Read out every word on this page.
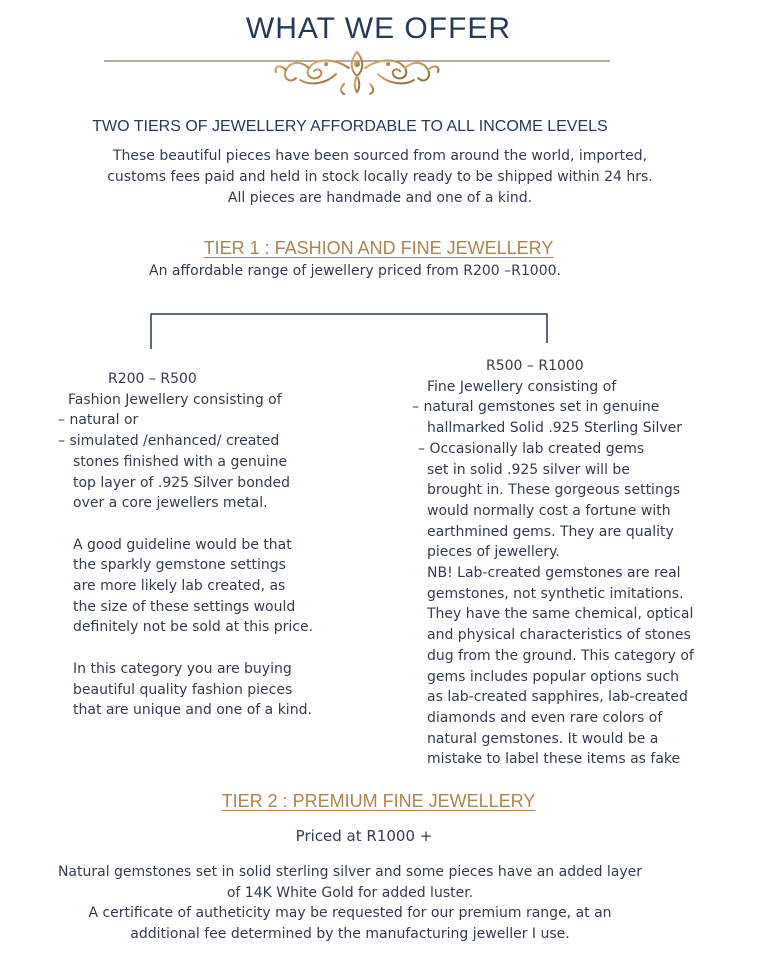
WHAT WE OFFER
TWO TIERS OF JEWELLERY AFFORDABLE TO ALL INCOME LEVELS
These beautiful pieces have been sourced from around the world, imported,
customs fees paid and held in stock locally ready to be shipped within 24 hrs.
All pieces are handmade and one of a kind.
TIER 1 : FASHION AND FINE JEWELLERY
An affordable range of jewellery priced from R200 –R1000.
R200 – R500
Fashion Jewellery consisting of
– natural or
– simulated /enhanced/ created
stones finished with a genuine
top layer of .925 Silver bonded
over a core jewellers metal.
A good guideline would be that
the sparkly gemstone settings
are more likely lab created, as
the size of these settings would
definitely not be sold at this price.
In this category you are buying
beautiful quality fashion pieces
that are unique and one of a kind.
R500 – R1000
Fine Jewellery consisting of
– natural gemstones set in genuine
hallmarked Solid .925 Sterling Silver
– Occasionally lab created gems
set in solid .925 silver will be
brought in. These gorgeous settings
would normally cost a fortune with
earthmined gems. They are quality
pieces of jewellery.
NB! Lab-created gemstones are real
gemstones, not synthetic imitations.
They have the same chemical, optical
and physical characteristics of stones
dug from the ground. This category of
gems includes popular options such
as lab-created sapphires, lab-created
diamonds and even rare colors of
natural gemstones. It would be a
mistake to label these items as fake
TIER 2 : PREMIUM FINE JEWELLERY
Priced at R1000 +
Natural gemstones set in solid sterling silver and some pieces have an added layer
of 14K White Gold for added luster.
A certificate of autheticity may be requested for our premium range, at an
additional fee determined by the manufacturing jeweller I use.
